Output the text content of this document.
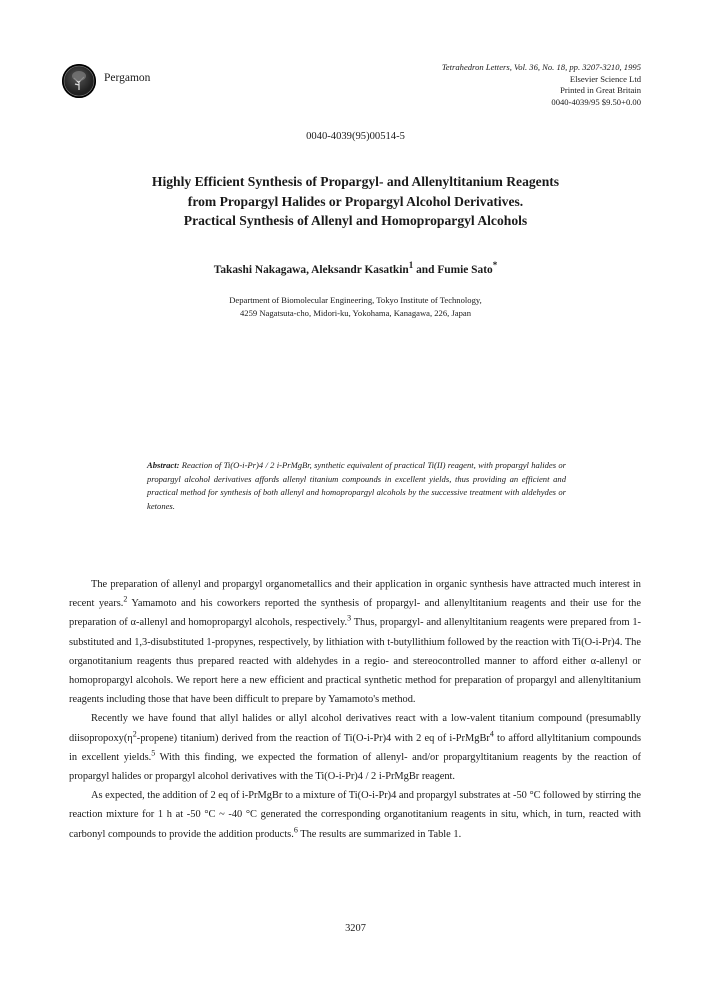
Pergamon
Tetrahedron Letters, Vol. 36, No. 18, pp. 3207-3210, 1995
Elsevier Science Ltd
Printed in Great Britain
0040-4039/95 $9.50+0.00
0040-4039(95)00514-5
Highly Efficient Synthesis of Propargyl- and Allenyltitanium Reagents
from Propargyl Halides or Propargyl Alcohol Derivatives.
Practical Synthesis of Allenyl and Homopropargyl Alcohols
Takashi Nakagawa, Aleksandr Kasatkin$^1$ and Fumie Sato*
Department of Biomolecular Engineering, Tokyo Institute of Technology,
4259 Nagatsuta-cho, Midori-ku, Yokohama, Kanagawa, 226, Japan
Abstract: Reaction of Ti(O-i-Pr)4 / 2 i-PrMgBr, synthetic equivalent of practical Ti(II) reagent, with propargyl halides or propargyl alcohol derivatives affords allenyl titanium compounds in excellent yields, thus providing an efficient and practical method for synthesis of both allenyl and homopropargyl alcohols by the successive treatment with aldehydes or ketones.

The preparation of allenyl and propargyl organometallics and their application in organic synthesis have attracted much interest in recent years.$^2$ Yamamoto and his coworkers reported the synthesis of propargyl- and allenyltitanium reagents and their use for the preparation of α-allenyl and homopropargyl alcohols, respectively.$^3$ Thus, propargyl- and allenyltitanium reagents were prepared from 1-substituted and 1,3-disubstituted 1-propynes, respectively, by lithiation with t-butyllithium followed by the reaction with Ti(O-i-Pr)4. The organotitanium reagents thus prepared reacted with aldehydes in a regio- and stereocontrolled manner to afford either α-allenyl or homopropargyl alcohols. We report here a new efficient and practical synthetic method for preparation of propargyl and allenyltitanium reagents including those that have been difficult to prepare by Yamamoto's method.

Recently we have found that allyl halides or allyl alcohol derivatives react with a low-valent titanium compound (presumablly $diisopropoxy(\eta^2-propene)$ titanium) derived from the reaction of Ti(O-i-Pr)4 with 2 eq of i-PrMgBr$^4$ to afford allyltitanium compounds in excellent yields.$^5$ With this finding, we expected the formation of allenyl- and/or propargyltitanium reagents by the reaction of propargyl halides or propargyl alcohol derivatives with the Ti(O-i-Pr)4 / 2 i-PrMgBr reagent.

As expected, the addition of 2 eq of i-PrMgBr to a mixture of Ti(O-i-Pr)4 and propargyl substrates at -50 °C followed by stirring the reaction mixture for 1 h at -50 °C ~ -40 °C generated the corresponding organotitanium reagents in situ, which, in turn, reacted with carbonyl compounds to provide the addition products.$^6$ The results are summarized in Table 1.

3207
